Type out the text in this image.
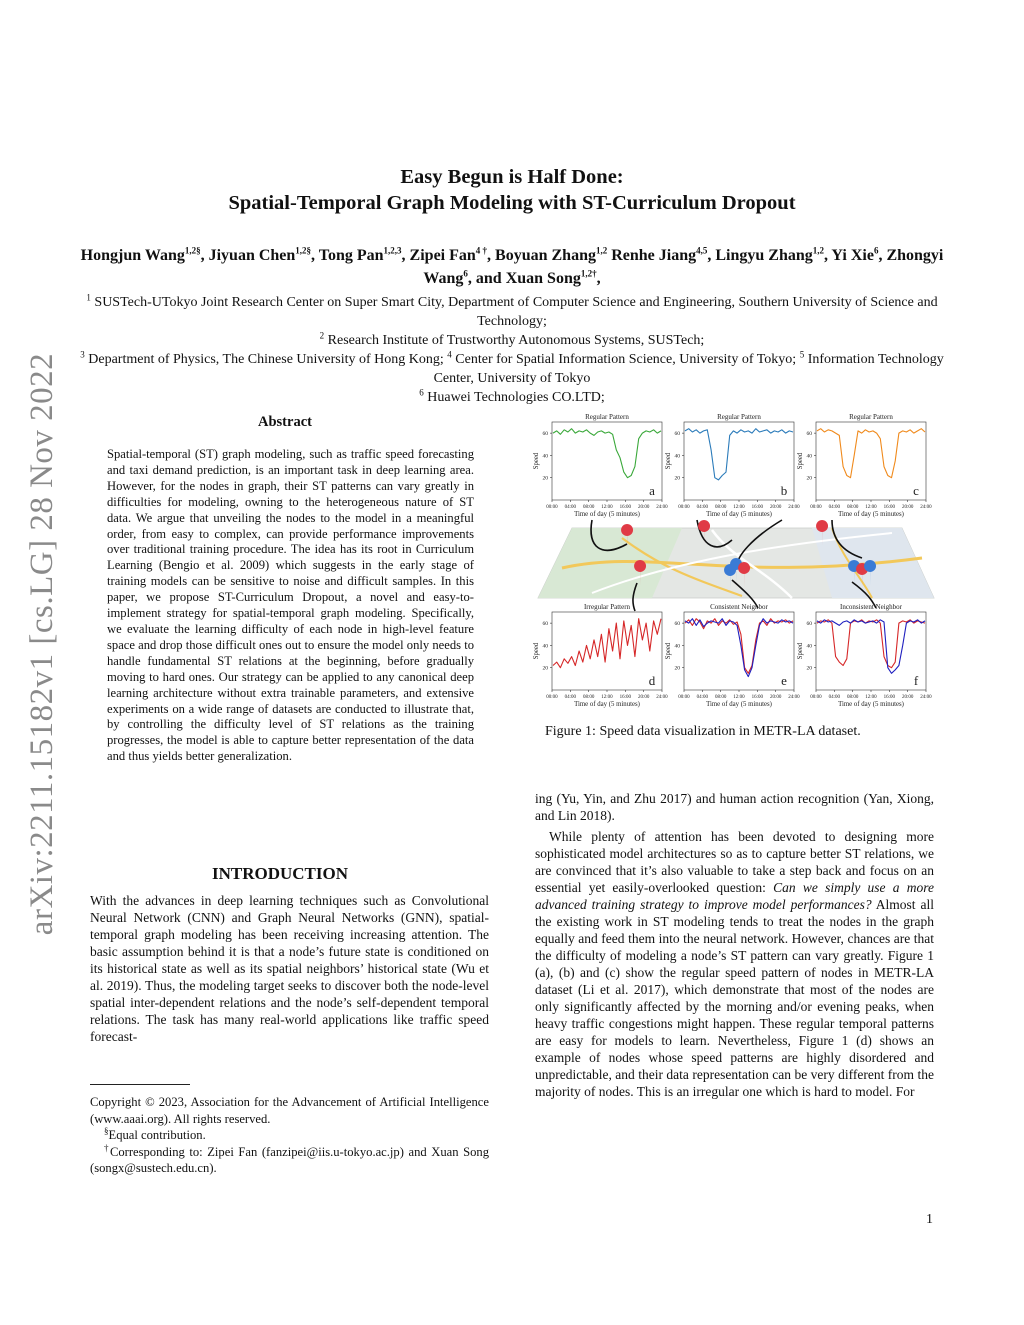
arXiv:2211.15182v1 [cs.LG] 28 Nov 2022
Easy Begun is Half Done:
Spatial-Temporal Graph Modeling with ST-Curriculum Dropout
Hongjun Wang$^{1,2\S}$, Jiyuan Chen$^{1,2\S}$, Tong Pan$^{1,2,3}$, Zipei Fan$^{4 \dagger}$, Boyuan Zhang$^{1,2}$ Renhe Jiang$^{4,5}$, Lingyu Zhang$^{1,2}$, Yi Xie$^6$, Zhongyi Wang$^6$, and Xuan Song$^{1,2\dagger}$,
$^1$ SUSTech-UTokyo Joint Research Center on Super Smart City, Department of Computer Science and Engineering, Southern University of Science and Technology;
$^2$ Research Institute of Trustworthy Autonomous Systems, SUSTech;
$^3$ Department of Physics, The Chinese University of Hong Kong; $^4$ Center for Spatial Information Science, University of Tokyo; $^5$ Information Technology Center, University of Tokyo
$^6$ Huawei Technologies CO.LTD;
Abstract
Spatial-temporal (ST) graph modeling, such as traffic speed forecasting and taxi demand prediction, is an important task in deep learning area. However, for the nodes in graph, their ST patterns can vary greatly in difficulties for modeling, owning to the heterogeneous nature of ST data. We argue that unveiling the nodes to the model in a meaningful order, from easy to complex, can provide performance improvements over traditional training procedure. The idea has its root in Curriculum Learning (Bengio et al. 2009) which suggests in the early stage of training models can be sensitive to noise and difficult samples. In this paper, we propose ST-Curriculum Dropout, a novel and easy-to-implement strategy for spatial-temporal graph modeling. Specifically, we evaluate the learning difficulty of each node in high-level feature space and drop those difficult ones out to ensure the model only needs to handle fundamental ST relations at the beginning, before gradually moving to hard ones. Our strategy can be applied to any canonical deep learning architecture without extra trainable parameters, and extensive experiments on a wide range of datasets are conducted to illustrate that, by controlling the difficulty level of ST relations as the training progresses, the model is able to capture better representation of the data and thus yields better generalization.
INTRODUCTION
With the advances in deep learning techniques such as Convolutional Neural Network (CNN) and Graph Neural Networks (GNN), spatial-temporal graph modeling has been receiving increasing attention. The basic assumption behind it is that a node’s future state is conditioned on its historical state as well as its spatial neighbors’ historical state (Wu et al. 2019). Thus, the modeling target seeks to discover both the node-level spatial inter-dependent relations and the node’s self-dependent temporal relations. The task has many real-world applications like traffic speed forecast-
Copyright © 2023, Association for the Advancement of Artificial Intelligence (www.aaai.org). All rights reserved.
§Equal contribution.
†Corresponding to: Zipei Fan (fanzipei@iis.u-tokyo.ac.jp) and Xuan Song (songx@sustech.edu.cn).
Regular Pattern
20
40
60
00:00 04:00 08:00 12:00 16:00 20:00 24:00
Time of day (5 minutes)
Speed
a
Regular Pattern
20
40
60
00:00 04:00 08:00 12:00 16:00 20:00 24:00
Time of day (5 minutes)
Speed
b
Regular Pattern
20
40
60
00:00 04:00 08:00 12:00 16:00 20:00 24:00
Time of day (5 minutes)
Speed
c
Irregular Pattern
20
40
60
00:00 04:00 08:00 12:00 16:00 20:00 24:00
Time of day (5 minutes)
Speed
d
Consistent Neighbor
20
40
60
00:00 04:00 08:00 12:00 16:00 20:00 24:00
Time of day (5 minutes)
Speed
e
Inconsistent Neighbor
20
40
60
00:00 04:00 08:00 12:00 16:00 20:00 24:00
Time of day (5 minutes)
Speed
f
Figure 1: Speed data visualization in METR-LA dataset.
ing (Yu, Yin, and Zhu 2017) and human action recognition (Yan, Xiong, and Lin 2018).
While plenty of attention has been devoted to designing more sophisticated model architectures so as to capture better ST relations, we are convinced that it’s also valuable to take a step back and focus on an essential yet easily-overlooked question: Can we simply use a more advanced training strategy to improve model performances? Almost all the existing work in ST modeling tends to treat the nodes in the graph equally and feed them into the neural network. However, chances are that the difficulty of modeling a node’s ST pattern can vary greatly. Figure 1 (a), (b) and (c) show the regular speed pattern of nodes in METR-LA dataset (Li et al. 2017), which demonstrate that most of the nodes are only significantly affected by the morning and/or evening peaks, when heavy traffic congestions might happen. These regular temporal patterns are easy for models to learn. Nevertheless, Figure 1 (d) shows an example of nodes whose speed patterns are highly disordered and unpredictable, and their data representation can be very different from the majority of nodes. This is an irregular one which is hard to model. For
1
